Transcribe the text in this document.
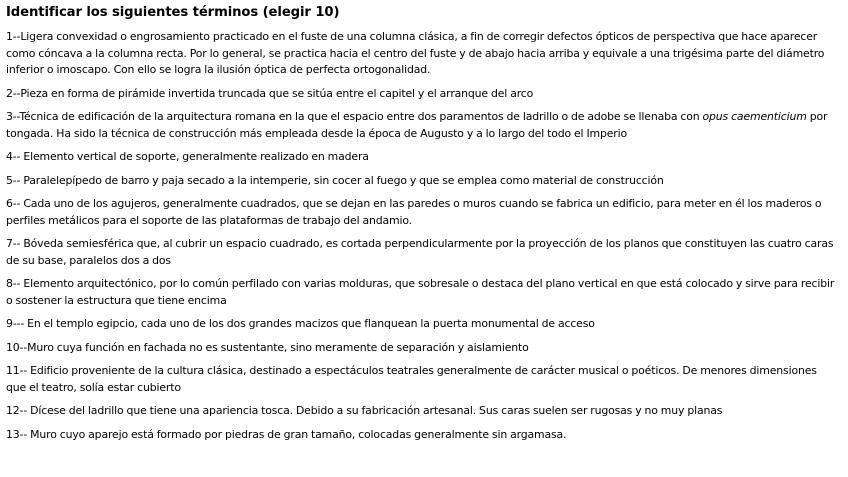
Identificar los siguientes términos (elegir 10)

1--Ligera convexidad o engrosamiento practicado en el fuste de una columna clásica, a fin de corregir defectos ópticos de perspectiva que hace aparecer como cóncava a la columna recta. Por lo general, se practica hacia el centro del fuste y de abajo hacia arriba y equivale a una trigésima parte del diámetro inferior o imoscapo. Con ello se logra la ilusión óptica de perfecta ortogonalidad.

2--Pieza en forma de pirámide invertida truncada que se sitúa entre el capitel y el arranque del arco

3--Técnica de edificación de la arquitectura romana en la que el espacio entre dos paramentos de ladrillo o de adobe se llenaba con opus caementicium por tongada. Ha sido la técnica de construcción más empleada desde la época de Augusto y a lo largo del todo el Imperio

4-- Elemento vertical de soporte, generalmente realizado en madera

5-- Paralelepípedo de barro y paja secado a la intemperie, sin cocer al fuego y que se emplea como material de construcción

6-- Cada uno de los agujeros, generalmente cuadrados, que se dejan en las paredes o muros cuando se fabrica un edificio, para meter en él los maderos o perfiles metálicos para el soporte de las plataformas de trabajo del andamio.

7-- Bóveda semiesférica que, al cubrir un espacio cuadrado, es cortada perpendicularmente por la proyección de los planos que constituyen las cuatro caras de su base, paralelos dos a dos

8-- Elemento arquitectónico, por lo común perfilado con varias molduras, que sobresale o destaca del plano vertical en que está colocado y sirve para recibir o sostener la estructura que tiene encima

9--- En el templo egipcio, cada uno de los dos grandes macizos que flanquean la puerta monumental de acceso

10--Muro cuya función en fachada no es sustentante, sino meramente de separación y aislamiento

11-- Edificio proveniente de la cultura clásica, destinado a espectáculos teatrales generalmente de carácter musical o poéticos. De menores dimensiones que el teatro, solía estar cubierto

12-- Dícese del ladrillo que tiene una apariencia tosca. Debido a su fabricación artesanal. Sus caras suelen ser rugosas y no muy planas

13-- Muro cuyo aparejo está formado por piedras de gran tamaño, colocadas generalmente sin argamasa.
